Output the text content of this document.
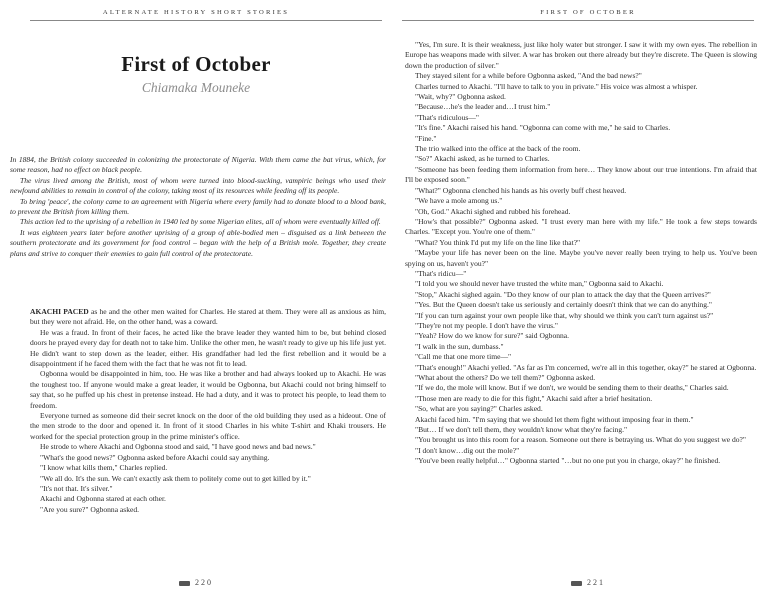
ALTERNATE HISTORY SHORT STORIES
First of October
Chiamaka Mouneke

In 1884, the British colony succeeded in colonizing the protectorate of Nigeria. With them came the bat virus, which, for some reason, had no effect on black people.

The virus lived among the British, most of whom were turned into blood-sucking, vampiric beings who used their newfound abilities to remain in control of the colony, taking most of its resources while feeding off its people.

To bring 'peace', the colony came to an agreement with Nigeria where every family had to donate blood to a blood bank, to prevent the British from killing them.

This action led to the uprising of a rebellion in 1940 led by some Nigerian elites, all of whom were eventually killed off.

It was eighteen years later before another uprising of a group of able-bodied men – disguised as a link between the southern protectorate and its government for food control – began with the help of a British mole. Together, they create plans and strive to conquer their enemies to gain full control of the protectorate.

AKACHI PACED as he and the other men waited for Charles. He stared at them. They were all as anxious as him, but they were not afraid. He, on the other hand, was a coward.

He was a fraud. In front of their faces, he acted like the brave leader they wanted him to be, but behind closed doors he prayed every day for death not to take him. Unlike the other men, he wasn't ready to give up his life just yet. He didn't want to step down as the leader, either. His grandfather had led the first rebellion and it would be a disappointment if he faced them with the fact that he was not fit to lead.

Ogbonna would be disappointed in him, too. He was like a brother and had always looked up to Akachi. He was the toughest too. If anyone would make a great leader, it would be Ogbonna, but Akachi could not bring himself to say that, so he puffed up his chest in pretense instead. He had a duty, and it was to protect his people, to lead them to freedom.

Everyone turned as someone did their secret knock on the door of the old building they used as a hideout. One of the men strode to the door and opened it. In front of it stood Charles in his white T-shirt and Khaki trousers. He worked for the special protection group in the prime minister's office.

He strode to where Akachi and Ogbonna stood and said, "I have good news and bad news."

"What's the good news?" Ogbonna asked before Akachi could say anything.

"I know what kills them," Charles replied.

"We all do. It's the sun. We can't exactly ask them to politely come out to get killed by it."

"It's not that. It's silver."

Akachi and Ogbonna stared at each other.

"Are you sure?" Ogbonna asked.

220
FIRST OF OCTOBER

"Yes, I'm sure. It is their weakness, just like holy water but stronger. I saw it with my own eyes. The rebellion in Europe has weapons made with silver. A war has broken out there already but they're discrete. The Queen is slowing down the production of silver."

They stayed silent for a while before Ogbonna asked, "And the bad news?"

Charles turned to Akachi. "I'll have to talk to you in private." His voice was almost a whisper.

"Wait, why?" Ogbonna asked.

"Because…he's the leader and…I trust him."

"That's ridiculous—"

"It's fine." Akachi raised his hand. "Ogbonna can come with me," he said to Charles.

"Fine."

The trio walked into the office at the back of the room.

"So?" Akachi asked, as he turned to Charles.

"Someone has been feeding them information from here… They know about our true intentions. I'm afraid that I'll be exposed soon."

"What?" Ogbonna clenched his hands as his overly buff chest heaved.

"We have a mole among us."

"Oh, God." Akachi sighed and rubbed his forehead.

"How's that possible?" Ogbonna asked. "I trust every man here with my life." He took a few steps towards Charles. "Except you. You're one of them."

"What? You think I'd put my life on the line like that?"

"Maybe your life has never been on the line. Maybe you've never really been trying to help us. You've been spying on us, haven't you?"

"That's ridicu—"

"I told you we should never have trusted the white man," Ogbonna said to Akachi.

"Stop," Akachi sighed again. "Do they know of our plan to attack the day that the Queen arrives?"

"Yes. But the Queen doesn't take us seriously and certainly doesn't think that we can do anything."

"If you can turn against your own people like that, why should we think you can't turn against us?"

"They're not my people. I don't have the virus."

"Yeah? How do we know for sure?" said Ogbonna.

"I walk in the sun, dumbass."

"Call me that one more time—"

"That's enough!" Akachi yelled. "As far as I'm concerned, we're all in this together, okay?" he stared at Ogbonna.

"What about the others? Do we tell them?" Ogbonna asked.

"If we do, the mole will know. But if we don't, we would be sending them to their deaths," Charles said.

"Those men are ready to die for this fight," Akachi said after a brief hesitation.

"So, what are you saying?" Charles asked.

Akachi faced him. "I'm saying that we should let them fight without imposing fear in them."

"But… If we don't tell them, they wouldn't know what they're facing."

"You brought us into this room for a reason. Someone out there is betraying us. What do you suggest we do?"

"I don't know…dig out the mole?"

"You've been really helpful…" Ogbonna started "…but no one put you in charge, okay?" he finished.

221
